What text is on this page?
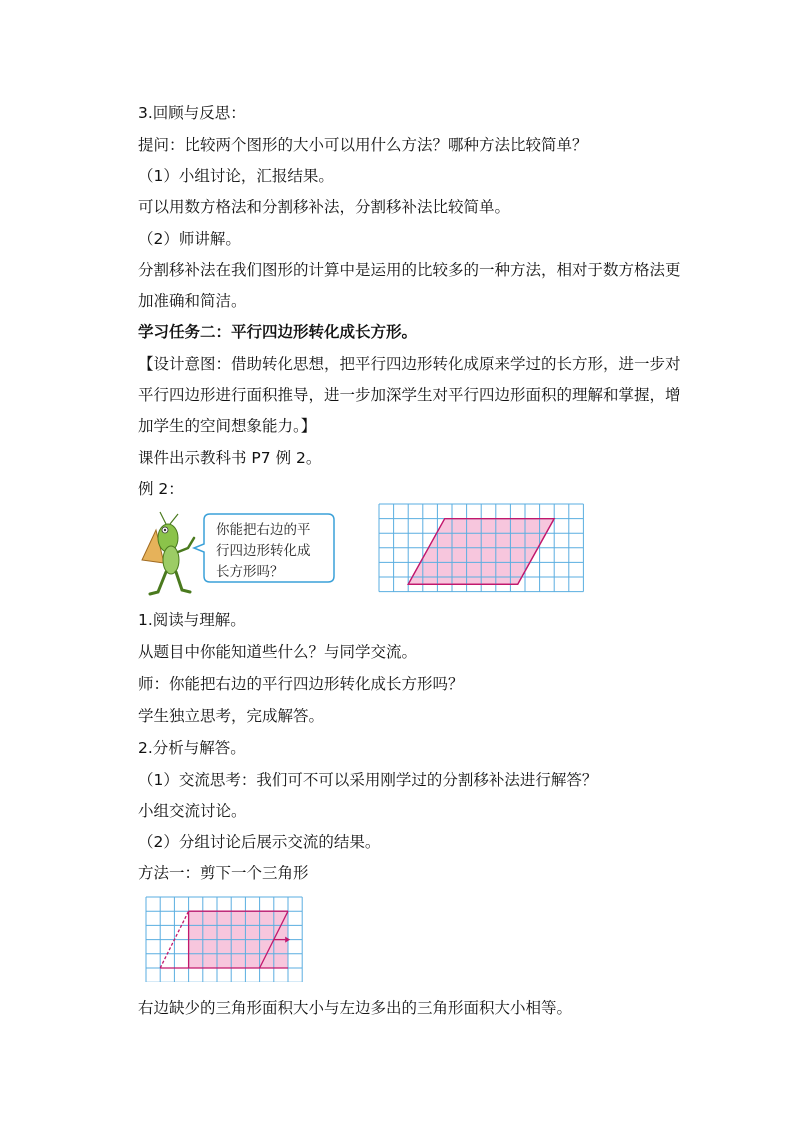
3.回顾与反思：
提问：比较两个图形的大小可以用什么方法？哪种方法比较简单？
（1）小组讨论，汇报结果。
可以用数方格法和分割移补法，分割移补法比较简单。
（2）师讲解。
分割移补法在我们图形的计算中是运用的比较多的一种方法，相对于数方格法更
加准确和简洁。
学习任务二：平行四边形转化成长方形。
【设计意图：借助转化思想，把平行四边形转化成原来学过的长方形，进一步对
平行四边形进行面积推导，进一步加深学生对平行四边形面积的理解和掌握，增
加学生的空间想象能力。】
课件出示教科书 P7 例 2。
例 2：
你能把右边的平
行四边形转化成
长方形吗？
1.阅读与理解。
从题目中你能知道些什么？与同学交流。
师：你能把右边的平行四边形转化成长方形吗？
学生独立思考，完成解答。
2.分析与解答。
（1）交流思考：我们可不可以采用刚学过的分割移补法进行解答？
小组交流讨论。
（2）分组讨论后展示交流的结果。
方法一：剪下一个三角形
右边缺少的三角形面积大小与左边多出的三角形面积大小相等。
